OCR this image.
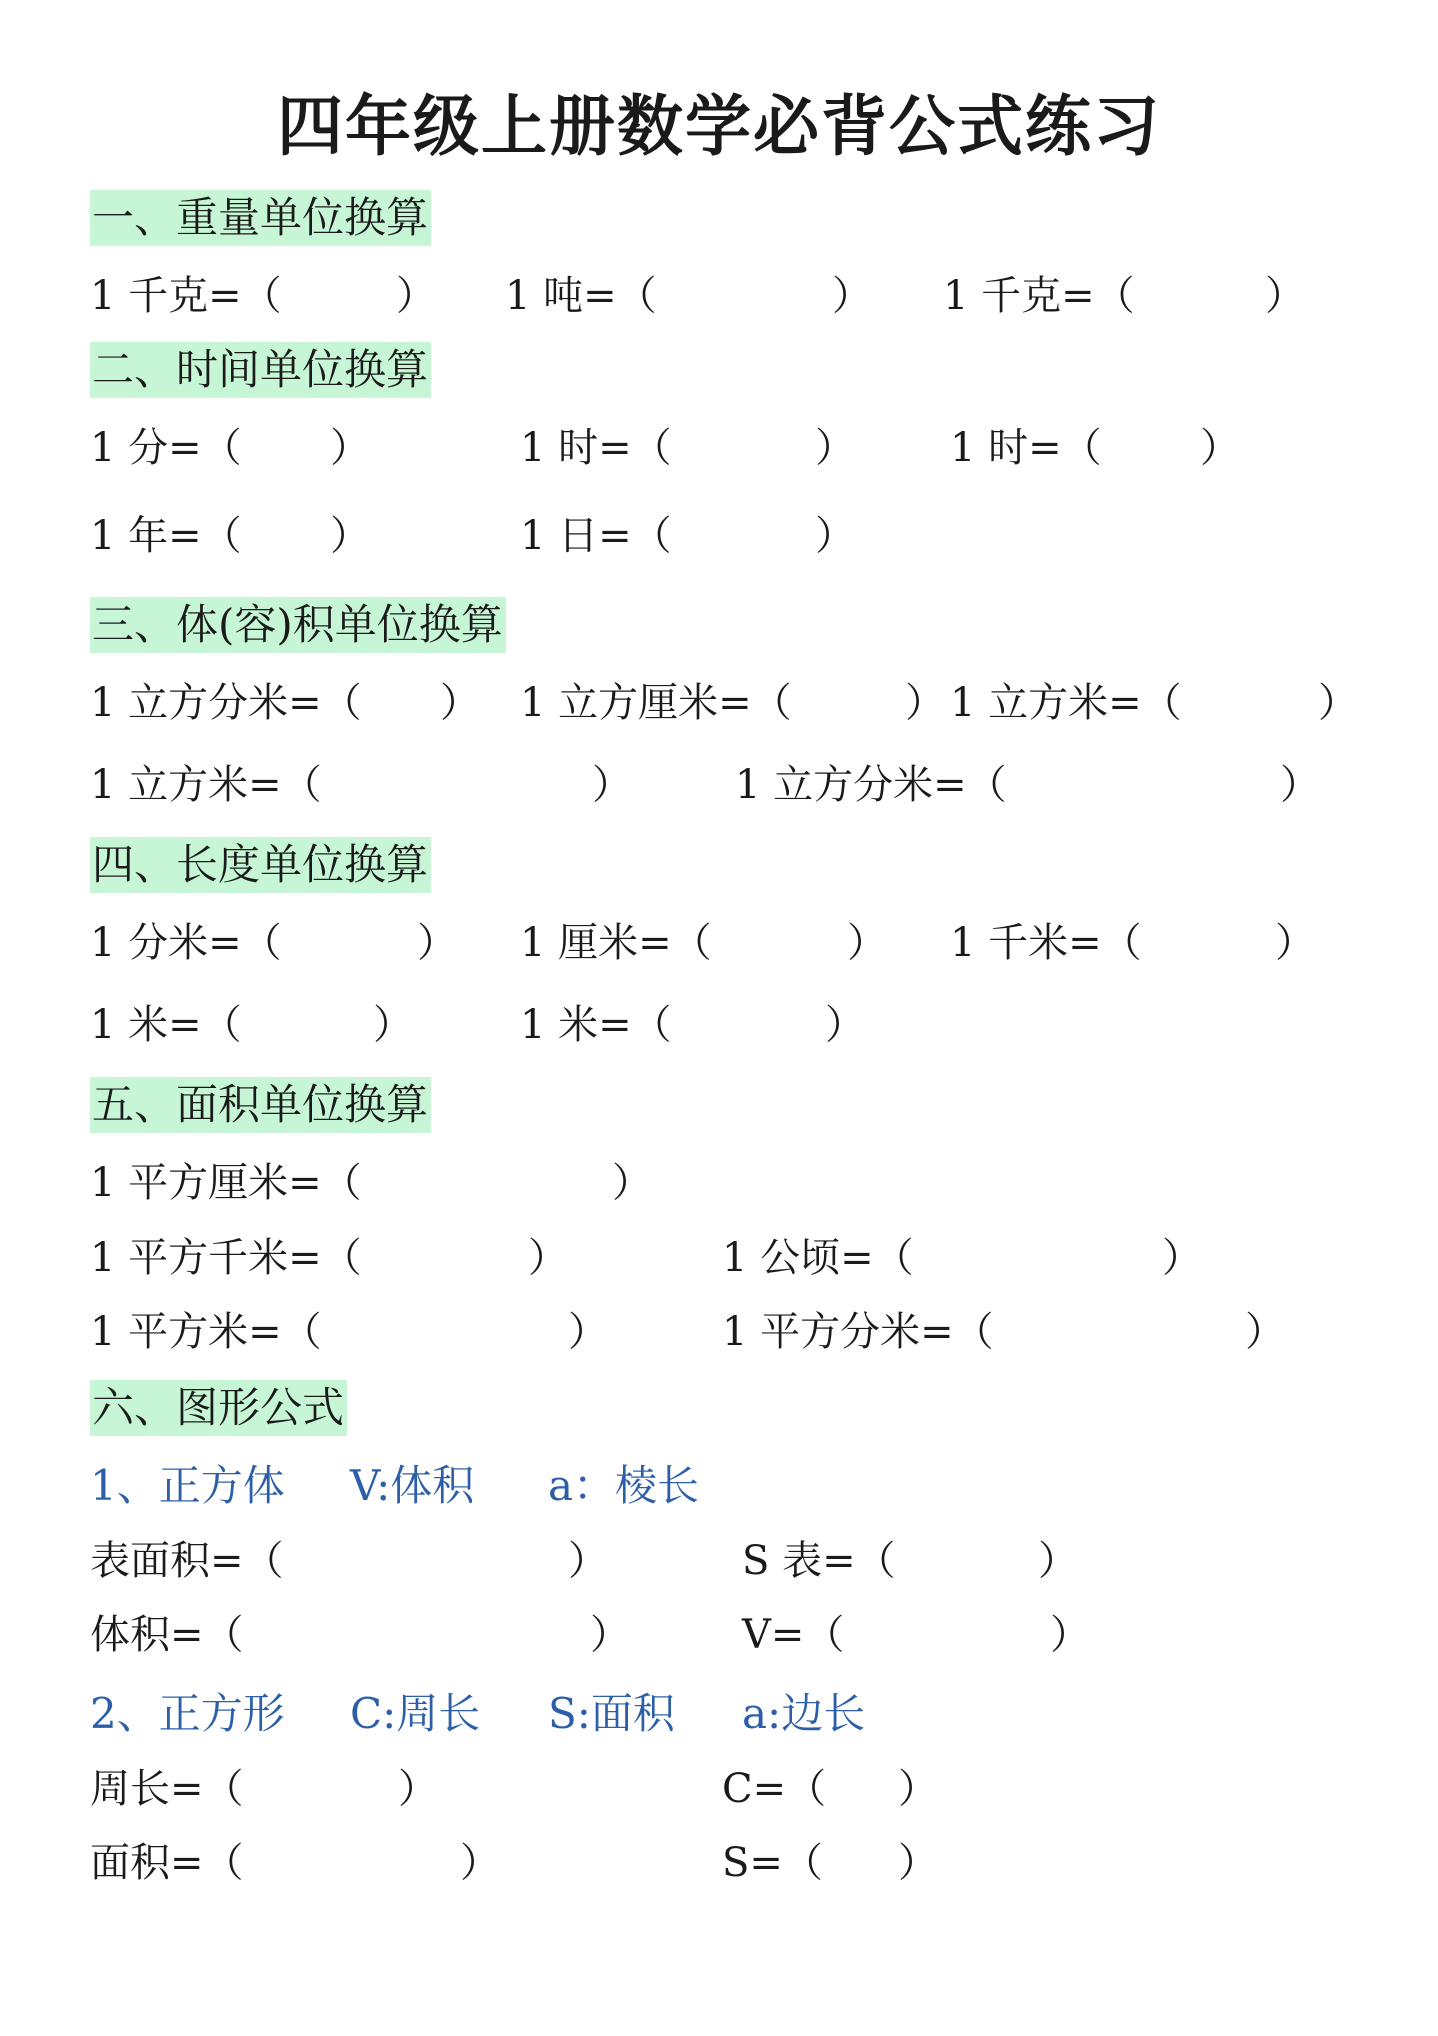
四年级上册数学必背公式练习
一、重量单位换算
1 千克=（	） 1 吨=（	） 1 千克=（	）
二、时间单位换算
1 分=（ ）	1 时=（	） 1 时=（ ）
1 年=（ ）	1 日=（	）
三、体(容)积单位换算
1 立方分米=（ ） 1 立方厘米=（	） 1 立方米=（	）
1 立方米=（	）	1 立方分米=（	）
四、长度单位换算
1 分米=（	） 1 厘米=（	） 1 千米=（	）
1 米=（	）	1 米=（	）
五、面积单位换算
1 平方厘米=（	）
1 平方千米=（	）	1 公顷=（	）
1 平方米=（	）	1 平方分米=（	）
六、图形公式
1、正方体 V:体积 a：棱长
表面积=（	）	S 表=（	）
体积=（	）	V=（	）
2、正方形 C:周长 S:面积 a:边长
周长=（	）	C=（ ）
面积=（	）	S=（ ）
